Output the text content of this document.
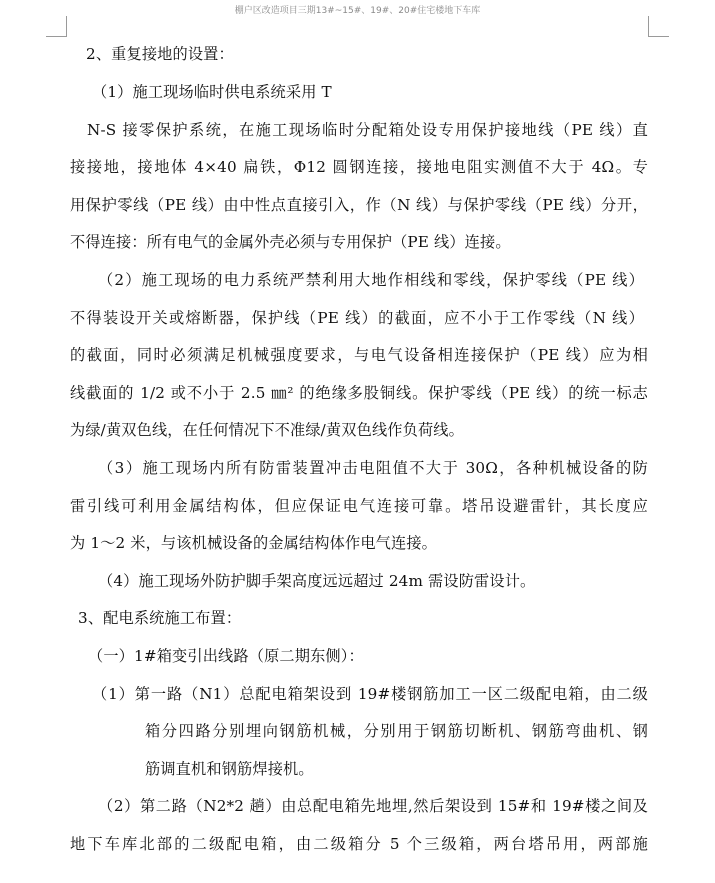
棚户区改造项目三期13#~15#、19#、20#住宅楼地下车库
2、重复接地的设置：
（1）施工现场临时供电系统采用 T
N-S 接零保护系统，在施工现场临时分配箱处设专用保护接地线（PE 线）直
接接地，接地体 4×40 扁铁，Φ12 圆钢连接，接地电阻实测值不大于 4Ω。专
用保护零线（PE 线）由中性点直接引入，作（N 线）与保护零线（PE 线）分开，
不得连接：所有电气的金属外壳必须与专用保护（PE 线）连接。
（2）施工现场的电力系统严禁利用大地作相线和零线，保护零线（PE 线）
不得装设开关或熔断器，保护线（PE 线）的截面，应不小于工作零线（N 线）
的截面，同时必须满足机械强度要求，与电气设备相连接保护（PE 线）应为相
线截面的 1/2 或不小于 2.5 ㎜² 的绝缘多股铜线。保护零线（PE 线）的统一标志
为绿/黄双色线，在任何情况下不准绿/黄双色线作负荷线。
（3）施工现场内所有防雷装置冲击电阻值不大于 30Ω，各种机械设备的防
雷引线可利用金属结构体，但应保证电气连接可靠。塔吊设避雷针，其长度应
为 1～2 米，与该机械设备的金属结构体作电气连接。
（4）施工现场外防护脚手架高度远远超过 24m 需设防雷设计。
3、配电系统施工布置：
（一）1#箱变引出线路（原二期东侧）：
（1）第一路（N1）总配电箱架设到 19#楼钢筋加工一区二级配电箱，由二级
箱分四路分别埋向钢筋机械，分别用于钢筋切断机、钢筋弯曲机、钢
筋调直机和钢筋焊接机。
（2）第二路（N2*2 趟）由总配电箱先地埋,然后架设到 15#和 19#楼之间及
地下车库北部的二级配电箱，由二级箱分 5 个三级箱，两台塔吊用，两部施
